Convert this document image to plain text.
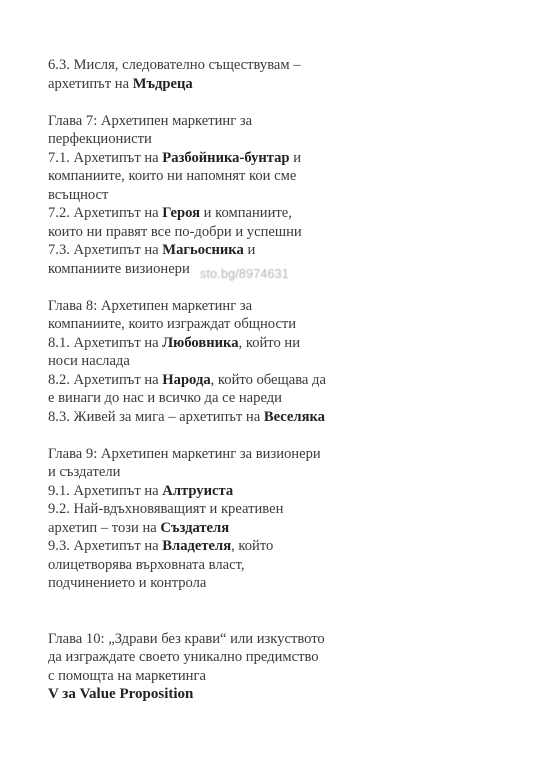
6.3. Мисля, следователно съществувам –
архетипът на Мъдреца
Глава 7: Архетипен маркетинг за
перфекционисти
7.1. Архетипът на Разбойника-бунтар и
компаниите, които ни напомнят кои сме
всъщност
7.2. Архетипът на Героя и компаниите,
които ни правят все по-добри и успешни
7.3. Архетипът на Магьосника и
компаниите визионери
Глава 8: Архетипен маркетинг за
компаниите, които изграждат общности
8.1. Архетипът на Любовника, който ни
носи наслада
8.2. Архетипът на Народа, който обещава да
е винаги до нас и всичко да се нареди
8.3. Живей за мига – архетипът на Веселяка
Глава 9: Архетипен маркетинг за визионери
и създатели
9.1. Архетипът на Алтруиста
9.2. Най-вдъхновяващият и креативен
архетип – този на Създателя
9.3. Архетипът на Владетеля, който
олицетворява върховната власт,
подчинението и контрола
Глава 10: „Здрави без крави“ или изкуството
да изграждате своето уникално предимство
с помощта на маркетинга
V за Value Proposition
sto.bg/8974631
